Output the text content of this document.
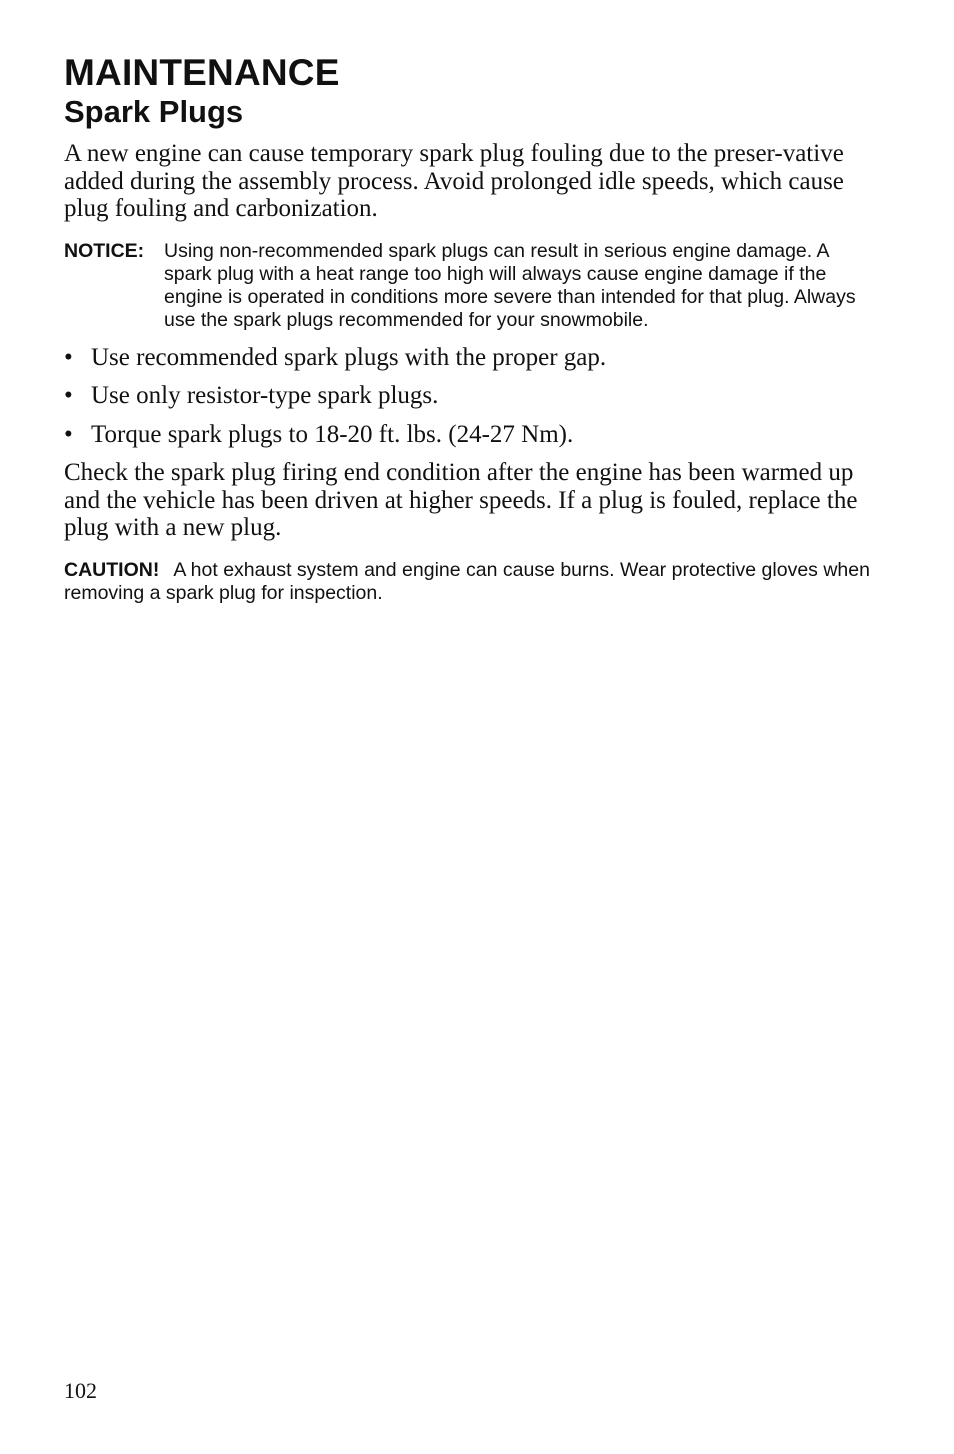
MAINTENANCE
Spark Plugs

A new engine can cause temporary spark plug fouling due to the preser-vative added during the assembly process. Avoid prolonged idle speeds, which cause plug fouling and carbonization.

NOTICE:	Using non-recommended spark plugs can result in serious engine damage. A spark plug with a heat range too high will always cause engine damage if the engine is operated in conditions more severe than intended for that plug. Always use the spark plugs recommended for your snowmobile.
• Use recommended spark plugs with the proper gap.
• Use only resistor-type spark plugs.
• Torque spark plugs to 18-20 ft. lbs. (24-27 Nm).

Check the spark plug firing end condition after the engine has been warmed up and the vehicle has been driven at higher speeds. If a plug is fouled, replace the plug with a new plug.

CAUTION! A hot exhaust system and engine can cause burns. Wear protective gloves when removing a spark plug for inspection.
102
